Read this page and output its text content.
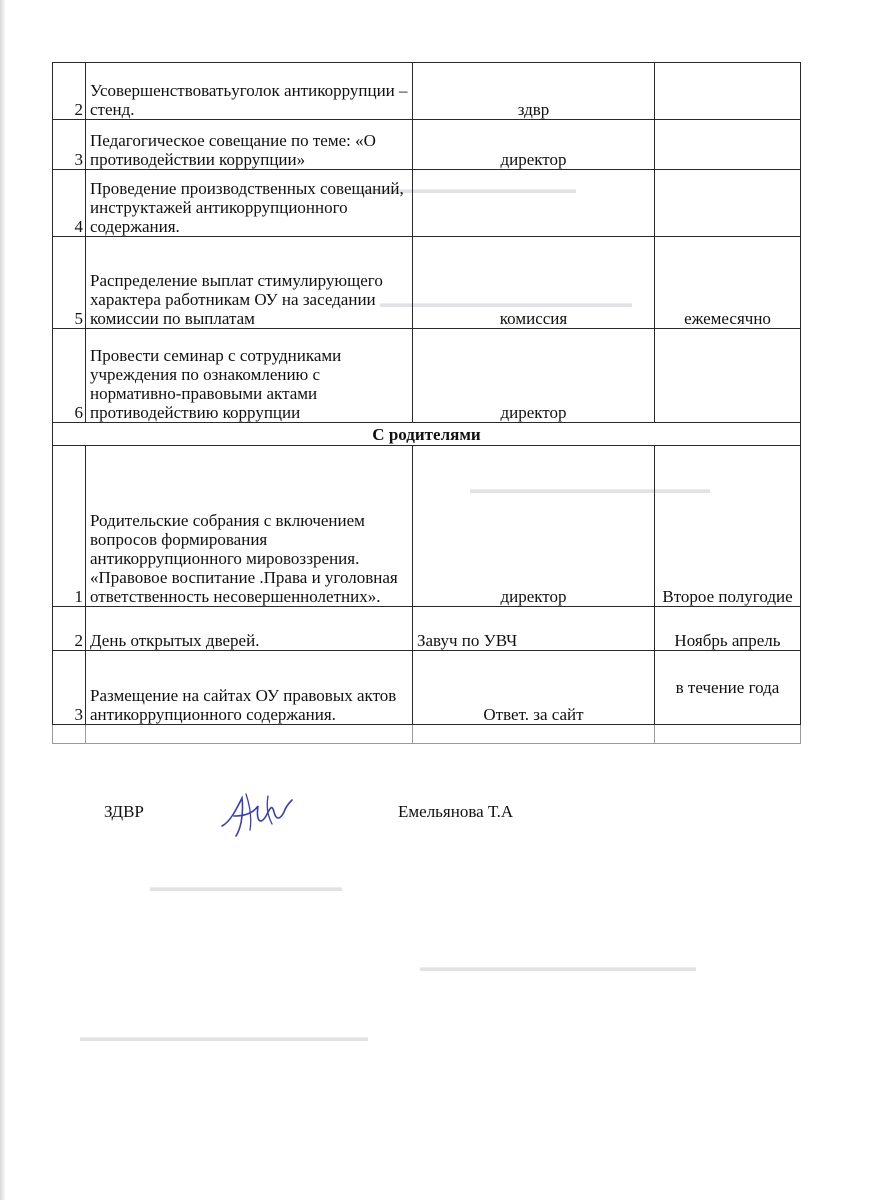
▬▬▬▬▬▬▬▬▬▬▬▬▬▬▬▬▬▬
▬▬▬▬▬▬▬▬▬▬▬▬▬▬▬▬▬▬▬▬▬
▬▬▬▬▬▬▬▬▬▬▬▬▬▬▬▬▬▬▬▬
▬▬▬▬▬▬▬▬▬▬▬▬▬▬▬▬
▬▬▬▬▬▬▬▬▬▬▬▬▬▬▬▬▬▬▬▬▬▬▬
▬▬▬▬▬▬▬▬▬▬▬▬▬▬▬▬▬▬▬▬▬▬▬▬
2	Усовершенствоватьуголок антикоррупции – стенд.	здвр	
3	Педагогическое совещание по теме: «О противодействии коррупции»	директор	
4	Проведение производственных совещаний, инструктажей антикоррупционного содержания.		
5	Распределение выплат стимулирующего характера работникам ОУ на заседании комиссии по выплатам	комиссия	ежемесячно
6	Провести семинар с сотрудниками учреждения по ознакомлению с нормативно-правовыми актами противодействию коррупции	директор	
С родителями			
1	Родительские собрания с включением вопросов формирования антикоррупционного мировоззрения. «Правовое воспитание .Права и уголовная ответственность несовершеннолетних».	директор	Второе полугодие
2	День открытых дверей.	Завуч по УВЧ	Ноябрь апрель
3	Размещение на сайтах ОУ правовых актов антикоррупционного содержания.	Ответ. за сайт	в течение года

ЗДВР	Емельянова Т.А
